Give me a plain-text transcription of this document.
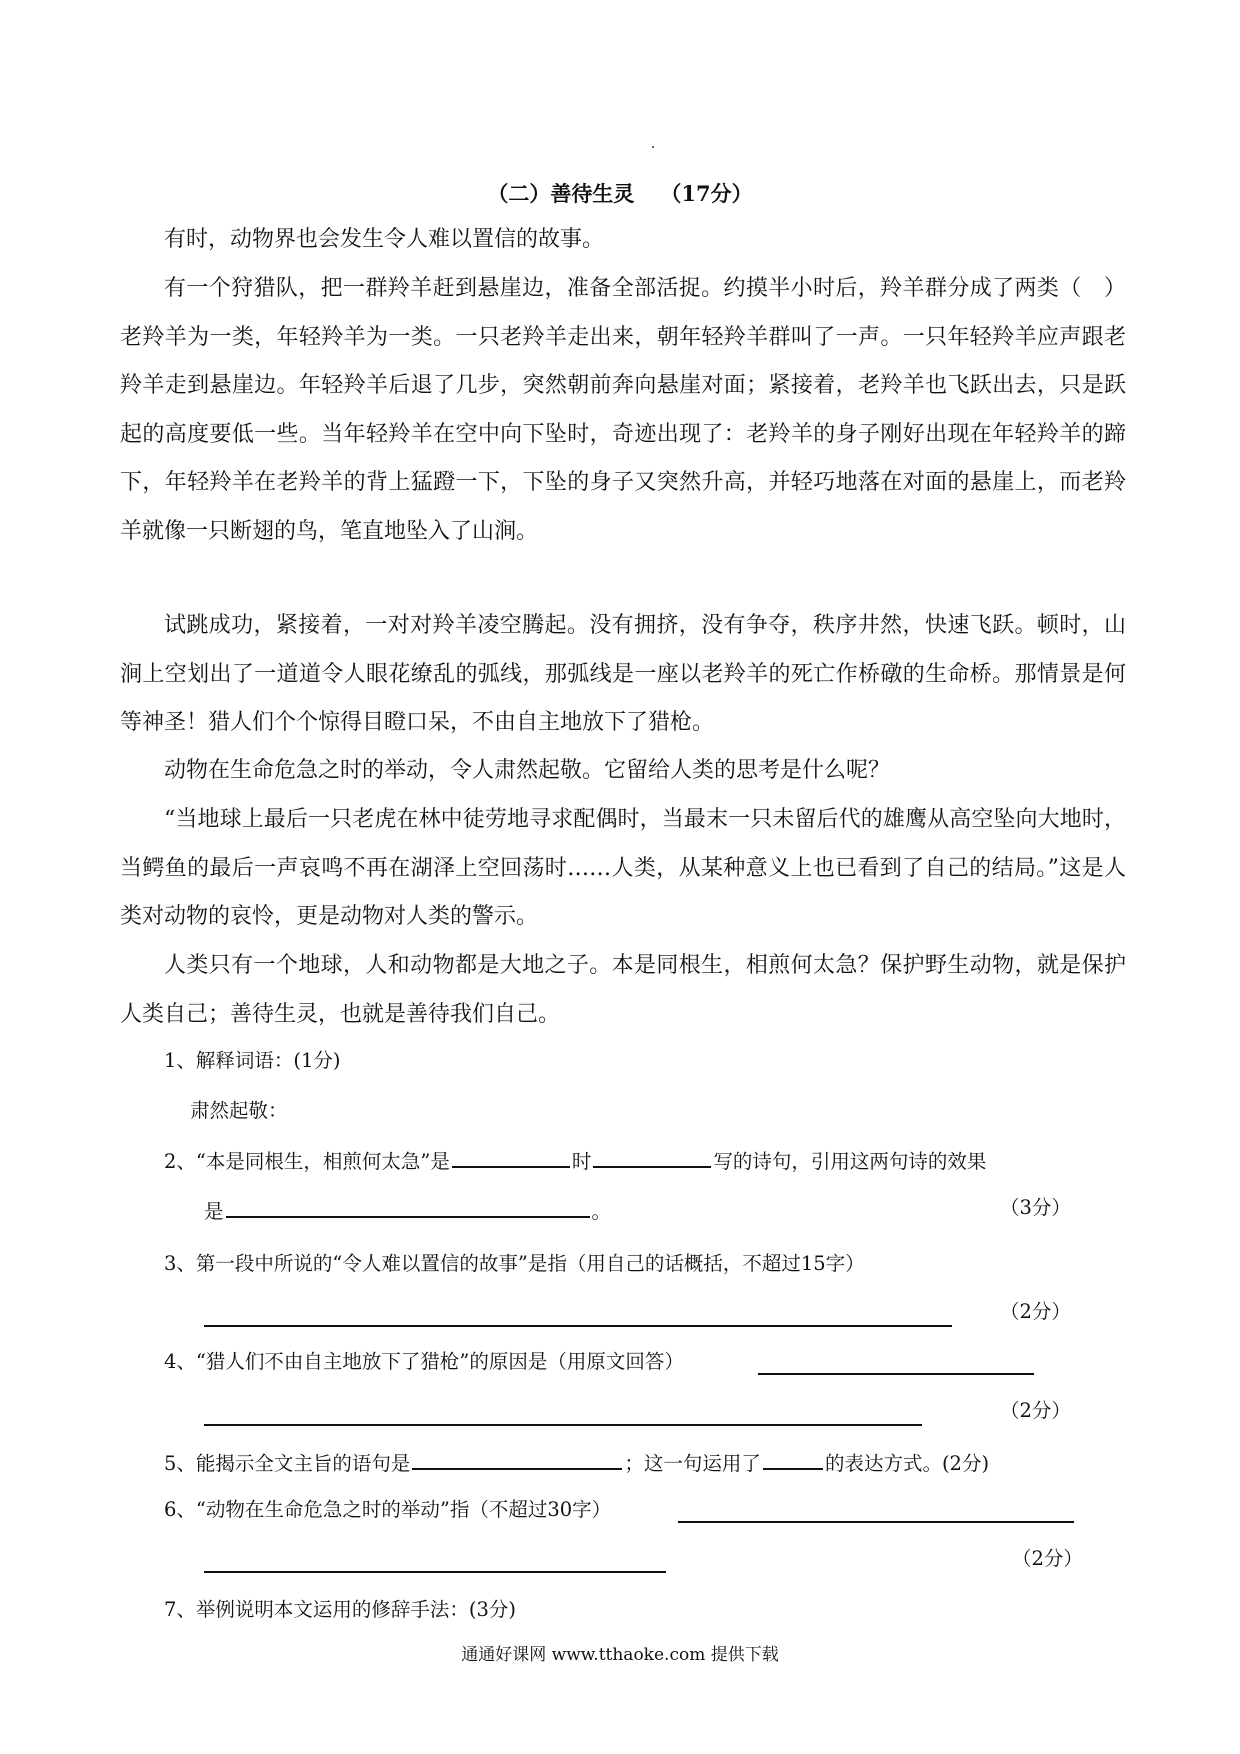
（二）善待生灵 （17分）

有时，动物界也会发生令人难以置信的故事。

有一个狩猎队，把一群羚羊赶到悬崖边，准备全部活捉。约摸半小时后，羚羊群分成了两类（　）老羚羊为一类，年轻羚羊为一类。一只老羚羊走出来，朝年轻羚羊群叫了一声。一只年轻羚羊应声跟老羚羊走到悬崖边。年轻羚羊后退了几步，突然朝前奔向悬崖对面；紧接着，老羚羊也飞跃出去，只是跃起的高度要低一些。当年轻羚羊在空中向下坠时，奇迹出现了：老羚羊的身子刚好出现在年轻羚羊的蹄下，年轻羚羊在老羚羊的背上猛蹬一下，下坠的身子又突然升高，并轻巧地落在对面的悬崖上，而老羚羊就像一只断翅的鸟，笔直地坠入了山涧。

试跳成功，紧接着，一对对羚羊凌空腾起。没有拥挤，没有争夺，秩序井然，快速飞跃。顿时，山涧上空划出了一道道令人眼花缭乱的弧线，那弧线是一座以老羚羊的死亡作桥礅的生命桥。那情景是何等神圣！猎人们个个惊得目瞪口呆，不由自主地放下了猎枪。

动物在生命危急之时的举动，令人肃然起敬。它留给人类的思考是什么呢？

“当地球上最后一只老虎在林中徒劳地寻求配偶时，当最末一只未留后代的雄鹰从高空坠向大地时，当鳄鱼的最后一声哀鸣不再在湖泽上空回荡时……人类，从某种意义上也已看到了自己的结局。”这是人类对动物的哀怜，更是动物对人类的警示。

人类只有一个地球，人和动物都是大地之子。本是同根生，相煎何太急？保护野生动物，就是保护人类自己；善待生灵，也就是善待我们自己。

1、解释词语：(1分)
肃然起敬：
2、“本是同根生，相煎何太急”是	时	写的诗句，引用这两句诗的效果
是	。	（3分）
3、第一段中所说的“令人难以置信的故事”是指（用自己的话概括，不超过15字）
（2分）
4、“猎人们不由自主地放下了猎枪”的原因是（用原文回答）
（2分）
5、能揭示全文主旨的语句是	；这一句运用了	的表达方式。(2分)
6、“动物在生命危急之时的举动”指（不超过30字）
（2分）
7、举例说明本文运用的修辞手法：(3分)
通通好课网 www.tthaoke.com 提供下载
